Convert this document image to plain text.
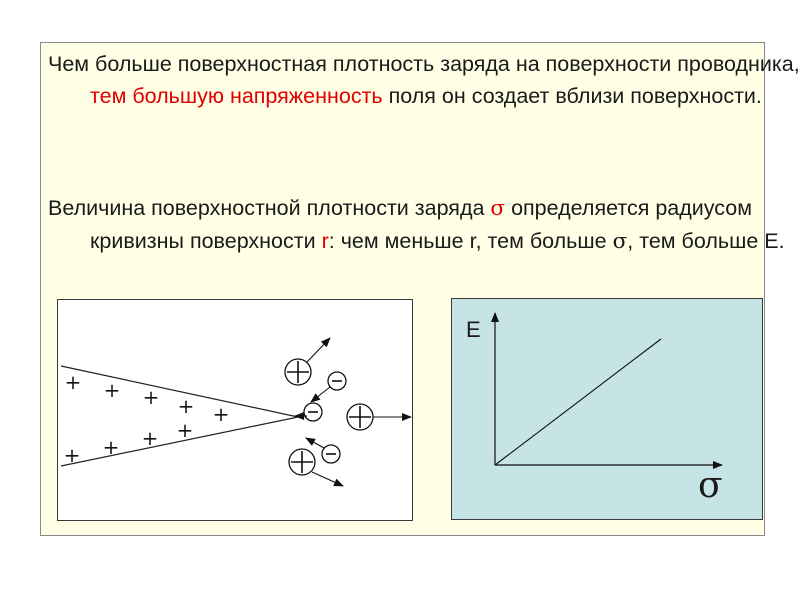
Чем больше поверхностная плотность заряда на поверхности проводника, тем большую напряженность поля он создает вблизи поверхности.

Величина поверхностной плотности заряда σ определяется радиусом кривизны поверхности r: чем меньше r, тем больше σ, тем больше E.

+ + + + +
+ + + +
E
σ
